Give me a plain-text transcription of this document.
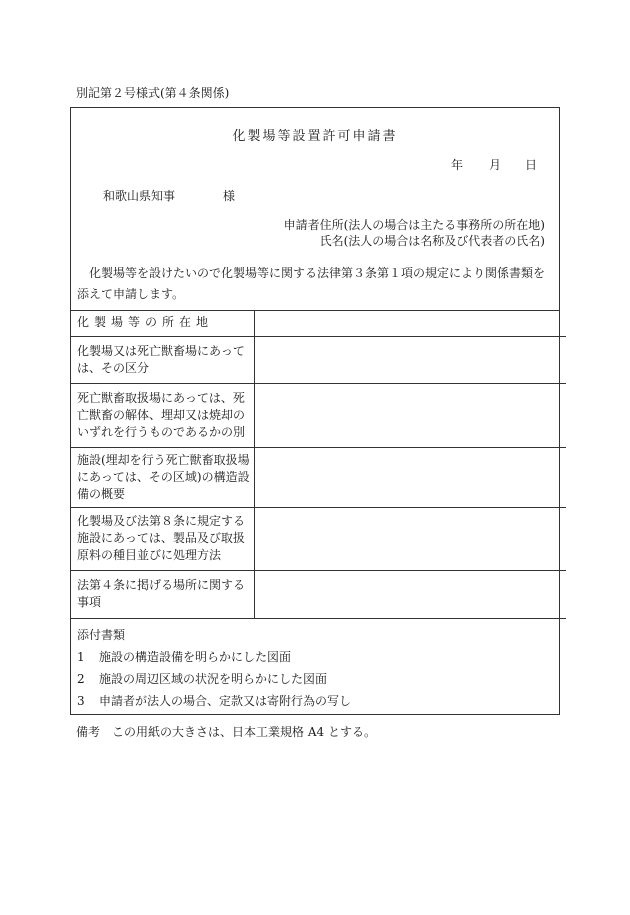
別記第２号様式(第４条関係)
化製場等設置許可申請書
年 月 日
和歌山県知事	様
申請者住所(法人の場合は主たる事務所の所在地)
氏名(法人の場合は名称及び代表者の氏名)
化製場等を設けたいので化製場等に関する法律第３条第１項の規定により関係書類を添えて申請します。
化製場等の所在地	
化製場又は死亡獣畜場にあっては、その区分	
死亡獣畜取扱場にあっては、死亡獣畜の解体、埋却又は焼却のいずれを行うものであるかの別	
施設(埋却を行う死亡獣畜取扱場にあっては、その区域)の構造設備の概要	
化製場及び法第８条に規定する施設にあっては、製品及び取扱原料の種目並びに処理方法	
法第４条に掲げる場所に関する事項	
添付書類
1 施設の構造設備を明らかにした図面
2 施設の周辺区域の状況を明らかにした図面
3 申請者が法人の場合、定款又は寄附行為の写し
備考 この用紙の大きさは、日本工業規格 A4 とする。
